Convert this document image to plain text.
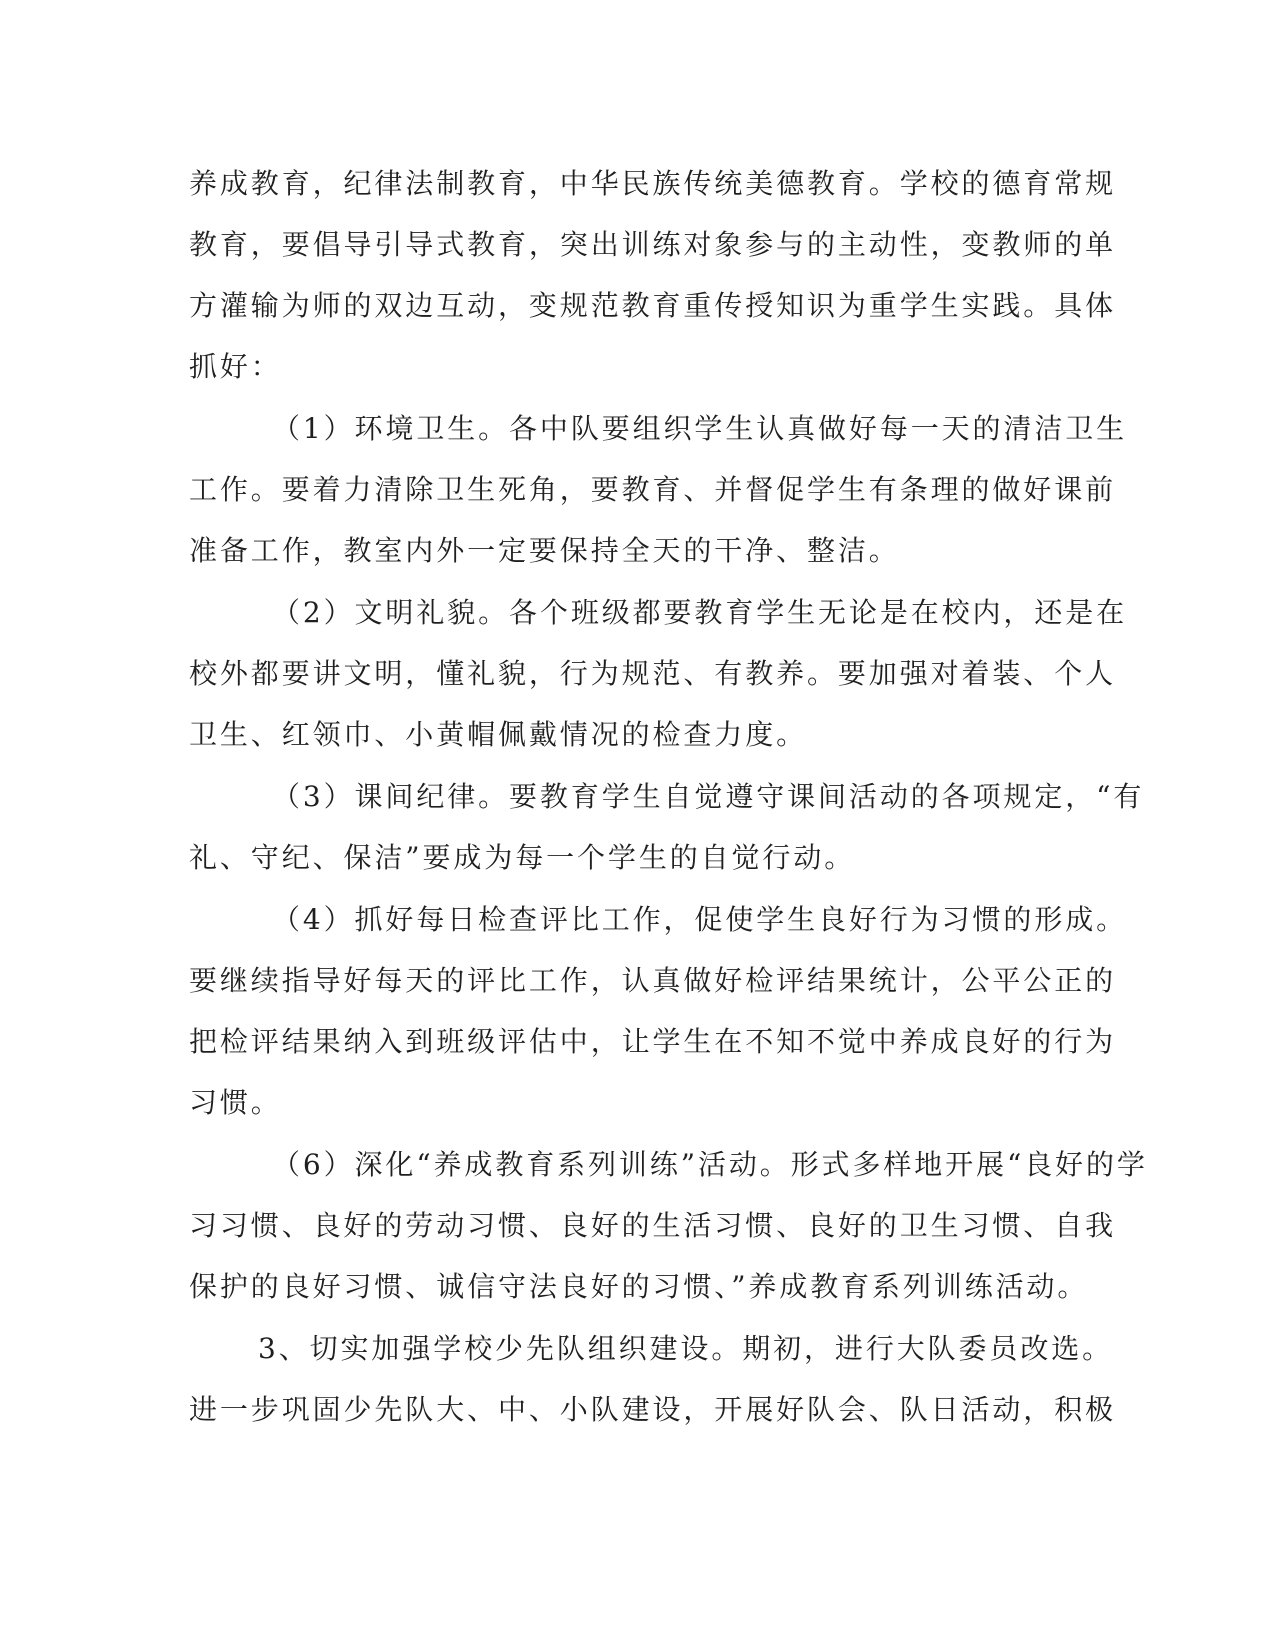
养成教育，纪律法制教育，中华民族传统美德教育。学校的德育常规
教育，要倡导引导式教育，突出训练对象参与的主动性，变教师的单
方灌输为师的双边互动，变规范教育重传授知识为重学生实践。具体
抓好：
（1）环境卫生。各中队要组织学生认真做好每一天的清洁卫生
工作。要着力清除卫生死角，要教育、并督促学生有条理的做好课前
准备工作，教室内外一定要保持全天的干净、整洁。
（2）文明礼貌。各个班级都要教育学生无论是在校内，还是在
校外都要讲文明，懂礼貌，行为规范、有教养。要加强对着装、个人
卫生、红领巾、小黄帽佩戴情况的检查力度。
（3）课间纪律。要教育学生自觉遵守课间活动的各项规定，“有
礼、守纪、保洁”要成为每一个学生的自觉行动。
（4）抓好每日检查评比工作，促使学生良好行为习惯的形成。
要继续指导好每天的评比工作，认真做好检评结果统计，公平公正的
把检评结果纳入到班级评估中，让学生在不知不觉中养成良好的行为
习惯。
（6）深化“养成教育系列训练”活动。形式多样地开展“良好的学
习习惯、良好的劳动习惯、良好的生活习惯、良好的卫生习惯、自我
保护的良好习惯、诚信守法良好的习惯、”养成教育系列训练活动。
3、切实加强学校少先队组织建设。期初，进行大队委员改选。
进一步巩固少先队大、中、小队建设，开展好队会、队日活动，积极
